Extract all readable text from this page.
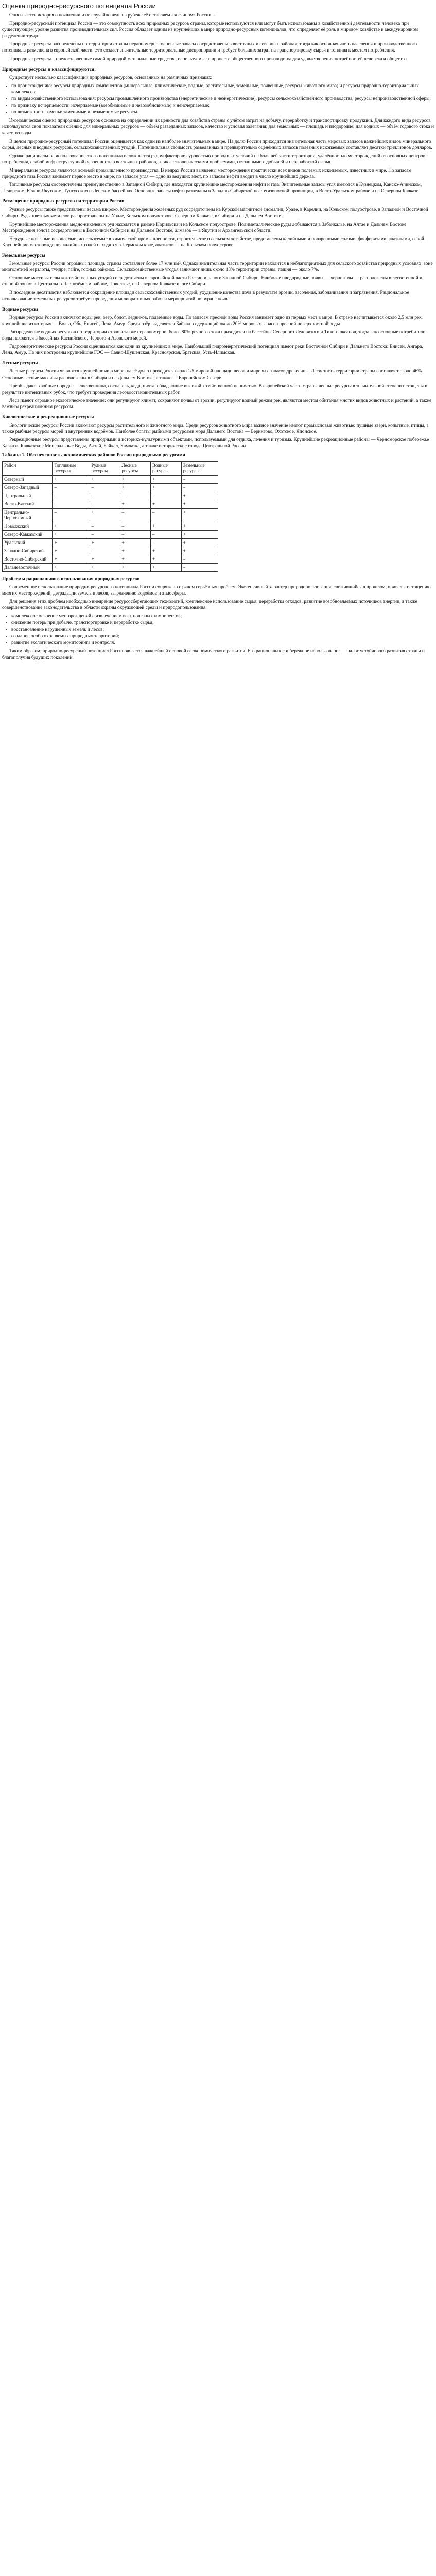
Оценка природно-ресурсного потенциала России

Описывается история о появлении и не случайно ведь на рубеже её оставляем «хозяином» России...

Природно-ресурсный потенциал России — это совокупность всех природных ресурсов страны, которые используются или могут быть использованы в хозяйственной деятельности человека при существующем уровне развития производительных сил. Россия обладает одним из крупнейших в мире природно-ресурсных потенциалов, что определяет её роль в мировом хозяйстве и международном разделении труда.

Природные ресурсы распределены по территории страны неравномерно: основные запасы сосредоточены в восточных и северных районах, тогда как основная часть населения и производственного потенциала размещена в европейской части. Это создаёт значительные территориальные диспропорции и требует больших затрат на транспортировку сырья и топлива к местам потребления.

Природные ресурсы – предоставленные самой природой материальные средства, используемые в процессе общественного производства для удовлетворения потребностей человека и общества.

Природные ресурсы и классифицируются:

Существует несколько классификаций природных ресурсов, основанных на различных признаках:

• по происхождению: ресурсы природных компонентов (минеральные, климатические, водные, растительные, земельные, почвенные, ресурсы животного мира) и ресурсы природно-территориальных комплексов;
• по видам хозяйственного использования: ресурсы промышленного производства (энергетические и неэнергетические), ресурсы сельскохозяйственного производства, ресурсы непроизводственной сферы;
• по признаку исчерпаемости: исчерпаемые (возобновимые и невозобновимые) и неисчерпаемые;
• по возможности замены: заменимые и незаменимые ресурсы.

Экономическая оценка природных ресурсов основана на определении их ценности для хозяйства страны с учётом затрат на добычу, переработку и транспортировку продукции. Для каждого вида ресурсов используются свои показатели оценки: для минеральных ресурсов — объём разведанных запасов, качество и условия залегания; для земельных — площадь и плодородие; для водных — объём годового стока и качество воды.

В целом природно-ресурсный потенциал России оценивается как один из наиболее значительных в мире. На долю России приходится значительная часть мировых запасов важнейших видов минерального сырья, лесных и водных ресурсов, сельскохозяйственных угодий. Потенциальная стоимость разведанных и предварительно оценённых запасов полезных ископаемых составляет десятки триллионов долларов.

Однако рациональное использование этого потенциала осложняется рядом факторов: суровостью природных условий на большей части территории, удалённостью месторождений от основных центров потребления, слабой инфраструктурной освоенностью восточных районов, а также экологическими проблемами, связанными с добычей и переработкой сырья.

Минеральные ресурсы являются основой промышленного производства. В недрах России выявлены месторождения практически всех видов полезных ископаемых, известных в мире. По запасам природного газа Россия занимает первое место в мире, по запасам угля — одно из ведущих мест, по запасам нефти входит в число крупнейших держав.

Топливные ресурсы сосредоточены преимущественно в Западной Сибири, где находятся крупнейшие месторождения нефти и газа. Значительные запасы угля имеются в Кузнецком, Канско-Ачинском, Печорском, Южно-Якутском, Тунгусском и Ленском бассейнах. Основные запасы нефти разведаны в Западно-Сибирской нефтегазоносной провинции, в Волго-Уральском районе и на Северном Кавказе.

Размещение природных ресурсов на территории России

Рудные ресурсы также представлены весьма широко. Месторождения железных руд сосредоточены на Курской магнитной аномалии, Урале, в Карелии, на Кольском полуострове, в Западной и Восточной Сибири. Руды цветных металлов распространены на Урале, Кольском полуострове, Северном Кавказе, в Сибири и на Дальнем Востоке.

Крупнейшие месторождения медно-никелевых руд находятся в районе Норильска и на Кольском полуострове. Полиметаллические руды добываются в Забайкалье, на Алтае и Дальнем Востоке. Месторождения золота сосредоточены в Восточной Сибири и на Дальнем Востоке, алмазов — в Якутии и Архангельской области.

Нерудные полезные ископаемые, используемые в химической промышленности, строительстве и сельском хозяйстве, представлены калийными и поваренными солями, фосфоритами, апатитами, серой. Крупнейшие месторождения калийных солей находятся в Пермском крае, апатитов — на Кольском полуострове.

Земельные ресурсы

Земельные ресурсы России огромны: площадь страны составляет более 17 млн км². Однако значительная часть территории находится в неблагоприятных для сельского хозяйства природных условиях: зоне многолетней мерзлоты, тундре, тайге, горных районах. Сельскохозяйственные угодья занимают лишь около 13% территории страны, пашня — около 7%.

Основные массивы сельскохозяйственных угодий сосредоточены в европейской части России и на юге Западной Сибири. Наиболее плодородные почвы — чернозёмы — расположены в лесостепной и степной зонах: в Центрально-Чернозёмном районе, Поволжье, на Северном Кавказе и юге Сибири.

В последние десятилетия наблюдается сокращение площади сельскохозяйственных угодий, ухудшение качества почв в результате эрозии, засоления, заболачивания и загрязнения. Рациональное использование земельных ресурсов требует проведения мелиоративных работ и мероприятий по охране почв.

Водные ресурсы

Водные ресурсы России включают воды рек, озёр, болот, ледников, подземные воды. По запасам пресной воды Россия занимает одно из первых мест в мире. В стране насчитывается около 2,5 млн рек, крупнейшие из которых — Волга, Обь, Енисей, Лена, Амур. Среди озёр выделяется Байкал, содержащий около 20% мировых запасов пресной поверхностной воды.

Распределение водных ресурсов по территории страны также неравномерно: более 80% речного стока приходится на бассейны Северного Ледовитого и Тихого океанов, тогда как основные потребители воды находятся в бассейнах Каспийского, Чёрного и Азовского морей.

Гидроэнергетические ресурсы России оцениваются как одни из крупнейших в мире. Наибольший гидроэнергетический потенциал имеют реки Восточной Сибири и Дальнего Востока: Енисей, Ангара, Лена, Амур. На них построены крупнейшие ГЭС — Саяно-Шушенская, Красноярская, Братская, Усть-Илимская.

Лесные ресурсы

Лесные ресурсы России являются крупнейшими в мире: на её долю приходится около 1/5 мировой площади лесов и мировых запасов древесины. Лесистость территории страны составляет около 46%. Основные лесные массивы расположены в Сибири и на Дальнем Востоке, а также на Европейском Севере.

Преобладают хвойные породы — лиственница, сосна, ель, кедр, пихта, обладающие высокой хозяйственной ценностью. В европейской части страны лесные ресурсы в значительной степени истощены в результате интенсивных рубок, что требует проведения лесовосстановительных работ.

Леса имеют огромное экологическое значение: они регулируют климат, сохраняют почвы от эрозии, регулируют водный режим рек, являются местом обитания многих видов животных и растений, а также важным рекреационным ресурсом.

Биологические и рекреационные ресурсы

Биологические ресурсы России включают ресурсы растительного и животного мира. Среди ресурсов животного мира важное значение имеют промысловые животные: пушные звери, копытные, птицы, а также рыбные ресурсы морей и внутренних водоёмов. Наиболее богаты рыбными ресурсами моря Дальнего Востока — Берингово, Охотское, Японское.

Рекреационные ресурсы представлены природными и историко-культурными объектами, используемыми для отдыха, лечения и туризма. Крупнейшие рекреационные районы — Черноморское побережье Кавказа, Кавказские Минеральные Воды, Алтай, Байкал, Камчатка, а также исторические города Центральной России.

Таблица 1. Обеспеченность экономических районов России природными ресурсами

Район	Топливные ресурсы	Рудные ресурсы	Лесные ресурсы	Водные ресурсы	Земельные ресурсы
Северный	+	+	+	+	–
Северо-Западный	–	–	+	+	–
Центральный	–	–	–	–	+
Волго-Вятский	–	–	+	+	+
Центрально-Чернозёмный	–	+	–	–	+
Поволжский	+	–	–	+	+
Северо-Кавказский	+	–	–	–	+
Уральский	+	+	+	–	+
Западно-Сибирский	+	–	+	+	+
Восточно-Сибирский	+	+	+	+	–
Дальневосточный	+	+	+	+	–
Проблемы рационального использования природных ресурсов

Современное использование природно-ресурсного потенциала России сопряжено с рядом серьёзных проблем. Экстенсивный характер природопользования, сложившийся в прошлом, привёл к истощению многих месторождений, деградации земель и лесов, загрязнению водоёмов и атмосферы.

Для решения этих проблем необходимо внедрение ресурсосберегающих технологий, комплексное использование сырья, переработка отходов, развитие возобновляемых источников энергии, а также совершенствование законодательства в области охраны окружающей среды и природопользования.

• комплексное освоение месторождений с извлечением всех полезных компонентов;
• снижение потерь при добыче, транспортировке и переработке сырья;
• восстановление нарушенных земель и лесов;
• создание особо охраняемых природных территорий;
• развитие экологического мониторинга и контроля.

Таким образом, природно-ресурсный потенциал России является важнейшей основой её экономического развития. Его рациональное и бережное использование — залог устойчивого развития страны и благополучия будущих поколений.
